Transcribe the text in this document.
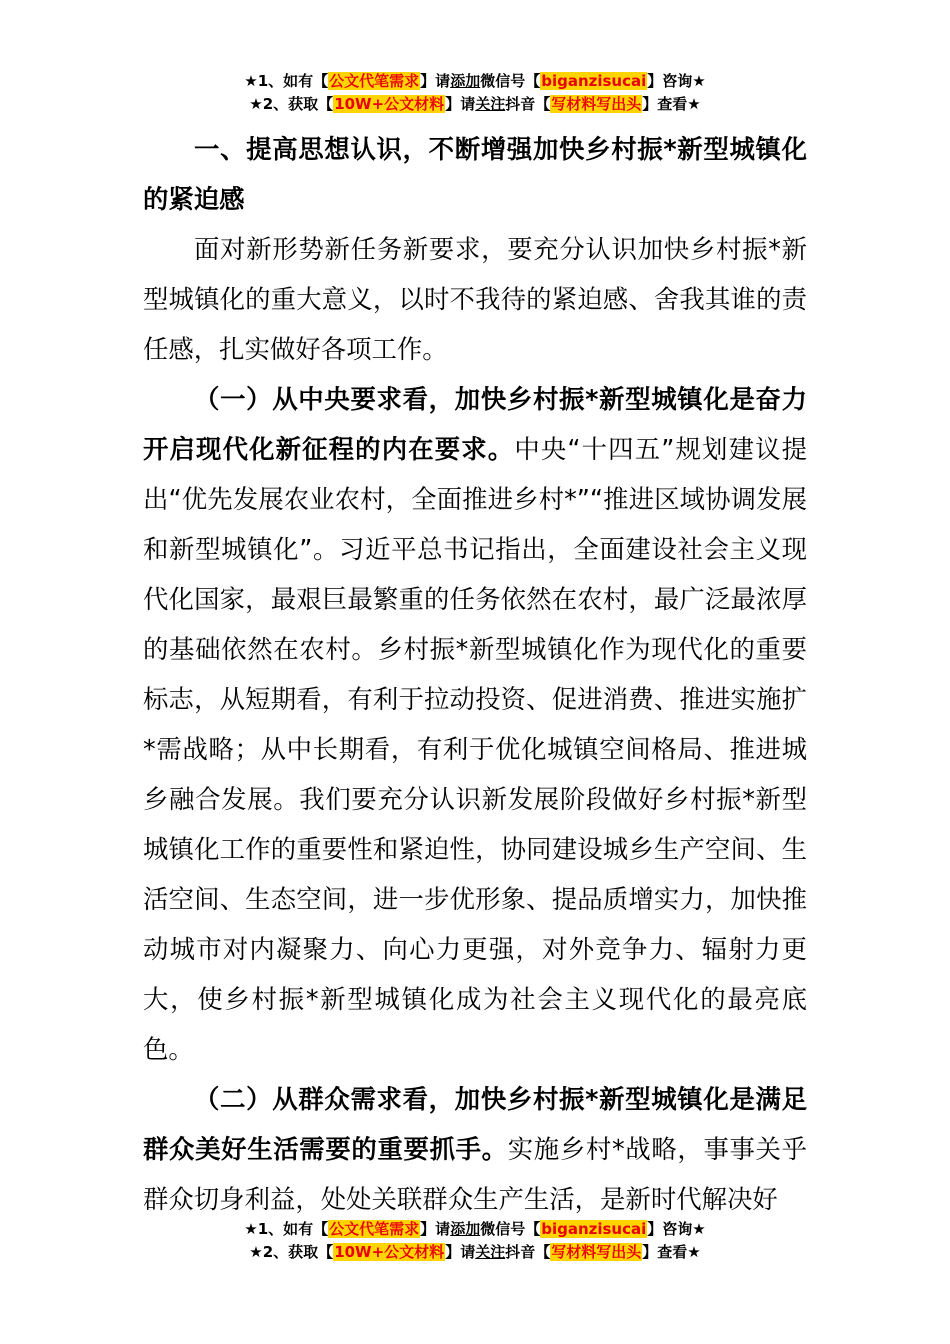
★1、如有【公文代笔需求】请添加微信号【biganzisucai】咨询★
★2、获取【10W+公文材料】请关注抖音【写材料写出头】查看★

一、提高思想认识，不断增强加快乡村振*新型城镇化的紧迫感

面对新形势新任务新要求，要充分认识加快乡村振*新型城镇化的重大意义，以时不我待的紧迫感、舍我其谁的责任感，扎实做好各项工作。

（一）从中央要求看，加快乡村振*新型城镇化是奋力开启现代化新征程的内在要求。中央“十四五”规划建议提出“优先发展农业农村，全面推进乡村*”“推进区域协调发展和新型城镇化”。习近平总书记指出，全面建设社会主义现代化国家，最艰巨最繁重的任务依然在农村，最广泛最浓厚的基础依然在农村。乡村振*新型城镇化作为现代化的重要标志，从短期看，有利于拉动投资、促进消费、推进实施扩*需战略；从中长期看，有利于优化城镇空间格局、推进城乡融合发展。我们要充分认识新发展阶段做好乡村振*新型城镇化工作的重要性和紧迫性，协同建设城乡生产空间、生活空间、生态空间，进一步优形象、提品质增实力，加快推动城市对内凝聚力、向心力更强，对外竞争力、辐射力更大，使乡村振*新型城镇化成为社会主义现代化的最亮底色。

（二）从群众需求看，加快乡村振*新型城镇化是满足群众美好生活需要的重要抓手。实施乡村*战略，事事关乎群众切身利益，处处关联群众生产生活，是新时代解决好

★1、如有【公文代笔需求】请添加微信号【biganzisucai】咨询★
★2、获取【10W+公文材料】请关注抖音【写材料写出头】查看★
